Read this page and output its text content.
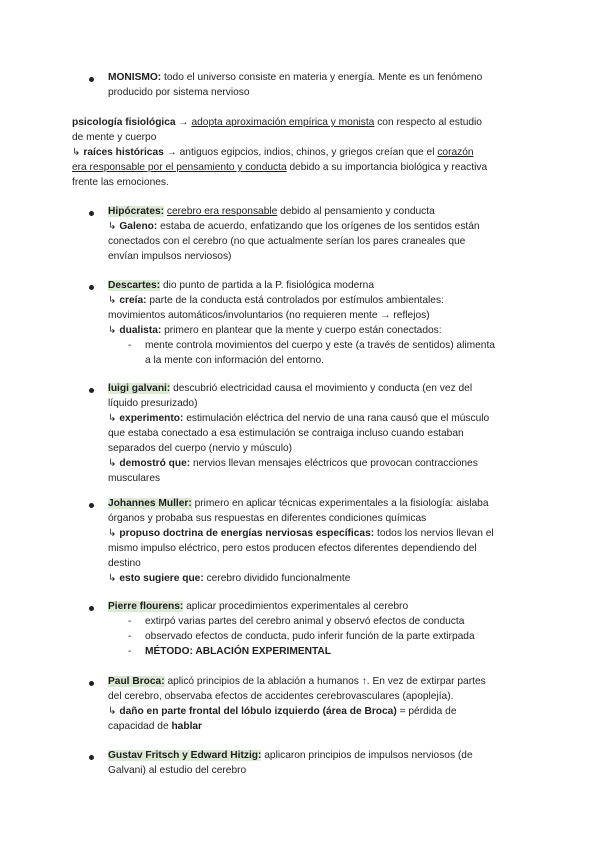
MONISMO: todo el universo consiste en materia y energía. Mente es un fenómeno
producido por sistema nervioso
psicología fisiológica → adopta aproximación empírica y monista con respecto al estudio
de mente y cuerpo
↳ raíces históricas → antiguos egipcios, indios, chinos, y griegos creían que el corazón
era responsable por el pensamiento y conducta debido a su importancia biológica y reactiva
frente las emociones.
Hipócrates: cerebro era responsable debido al pensamiento y conducta
↳ Galeno: estaba de acuerdo, enfatizando que los orígenes de los sentidos están
conectados con el cerebro (no que actualmente serían los pares craneales que
envían impulsos nerviosos)
Descartes: dio punto de partida a la P. fisiológica moderna
↳ creía: parte de la conducta está controlados por estímulos ambientales:
movimientos automáticos/involuntarios (no requieren mente → reflejos)
↳ dualista: primero en plantear que la mente y cuerpo están conectados:
- mente controla movimientos del cuerpo y este (a través de sentidos) alimenta
a la mente con información del entorno.
luigi galvani: descubrió electricidad causa el movimiento y conducta (en vez del
líquido presurizado)
↳ experimento: estimulación eléctrica del nervio de una rana causó que el músculo
que estaba conectado a esa estimulación se contraiga incluso cuando estaban
separados del cuerpo (nervio y músculo)
↳ demostró que: nervios llevan mensajes eléctricos que provocan contracciones
musculares
Johannes Muller: primero en aplicar técnicas experimentales a la fisiología: aislaba
órganos y probaba sus respuestas en diferentes condiciones químicas
↳ propuso doctrina de energías nerviosas específicas: todos los nervios llevan el
mismo impulso eléctrico, pero estos producen efectos diferentes dependiendo del
destino
↳ esto sugiere que: cerebro dividido funcionalmente
Pierre flourens: aplicar procedimientos experimentales al cerebro
-
-
-
extirpó varias partes del cerebro animal y observó efectos de conducta
observado efectos de conducta, pudo inferir función de la parte extirpada
MÉTODO: ABLACIÓN EXPERIMENTAL
Paul Broca: aplicó principios de la ablación a humanos ↑. En vez de extirpar partes
del cerebro, observaba efectos de accidentes cerebrovasculares (apoplejía).
↳ daño en parte frontal del lóbulo izquierdo (área de Broca) = pérdida de
capacidad de hablar
Gustav Fritsch y Edward Hitzig: aplicaron principios de impulsos nerviosos (de
Galvani) al estudio del cerebro
